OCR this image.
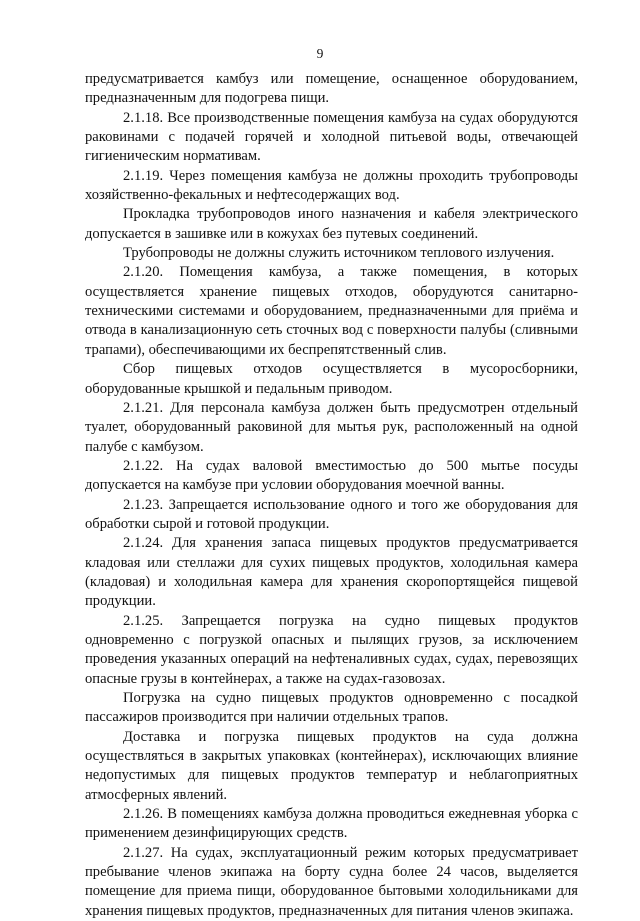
9

предусматривается камбуз или помещение, оснащенное оборудованием, предназначенным для подогрева пищи.

2.1.18. Все производственные помещения камбуза на судах оборудуются раковинами с подачей горячей и холодной питьевой воды, отвечающей гигиеническим нормативам.

2.1.19. Через помещения камбуза не должны проходить трубопроводы хозяйственно-фекальных и нефтесодержащих вод.

Прокладка трубопроводов иного назначения и кабеля электрического допускается в зашивке или в кожухах без путевых соединений.

Трубопроводы не должны служить источником теплового излучения.

2.1.20. Помещения камбуза, а также помещения, в которых осуществляется хранение пищевых отходов, оборудуются санитарно-техническими системами и оборудованием, предназначенными для приёма и отвода в канализационную сеть сточных вод с поверхности палубы (сливными трапами), обеспечивающими их беспрепятственный слив.

Сбор пищевых отходов осуществляется в мусоросборники, оборудованные крышкой и педальным приводом.

2.1.21. Для персонала камбуза должен быть предусмотрен отдельный туалет, оборудованный раковиной для мытья рук, расположенный на одной палубе с камбузом.

2.1.22. На судах валовой вместимостью до 500 мытье посуды допускается на камбузе при условии оборудования моечной ванны.

2.1.23. Запрещается использование одного и того же оборудования для обработки сырой и готовой продукции.

2.1.24. Для хранения запаса пищевых продуктов предусматривается кладовая или стеллажи для сухих пищевых продуктов, холодильная камера (кладовая) и холодильная камера для хранения скоропортящейся пищевой продукции.

2.1.25. Запрещается погрузка на судно пищевых продуктов одновременно с погрузкой опасных и пылящих грузов, за исключением проведения указанных операций на нефтеналивных судах, судах, перевозящих опасные грузы в контейнерах, а также на судах-газовозах.

Погрузка на судно пищевых продуктов одновременно с посадкой пассажиров производится при наличии отдельных трапов.

Доставка и погрузка пищевых продуктов на суда должна осуществляться в закрытых упаковках (контейнерах), исключающих влияние недопустимых для пищевых продуктов температур и неблагоприятных атмосферных явлений.

2.1.26. В помещениях камбуза должна проводиться ежедневная уборка с применением дезинфицирующих средств.

2.1.27. На судах, эксплуатационный режим которых предусматривает пребывание членов экипажа на борту судна более 24 часов, выделяется помещение для приема пищи, оборудованное бытовыми холодильниками для хранения пищевых продуктов, предназначенных для питания членов экипажа.
